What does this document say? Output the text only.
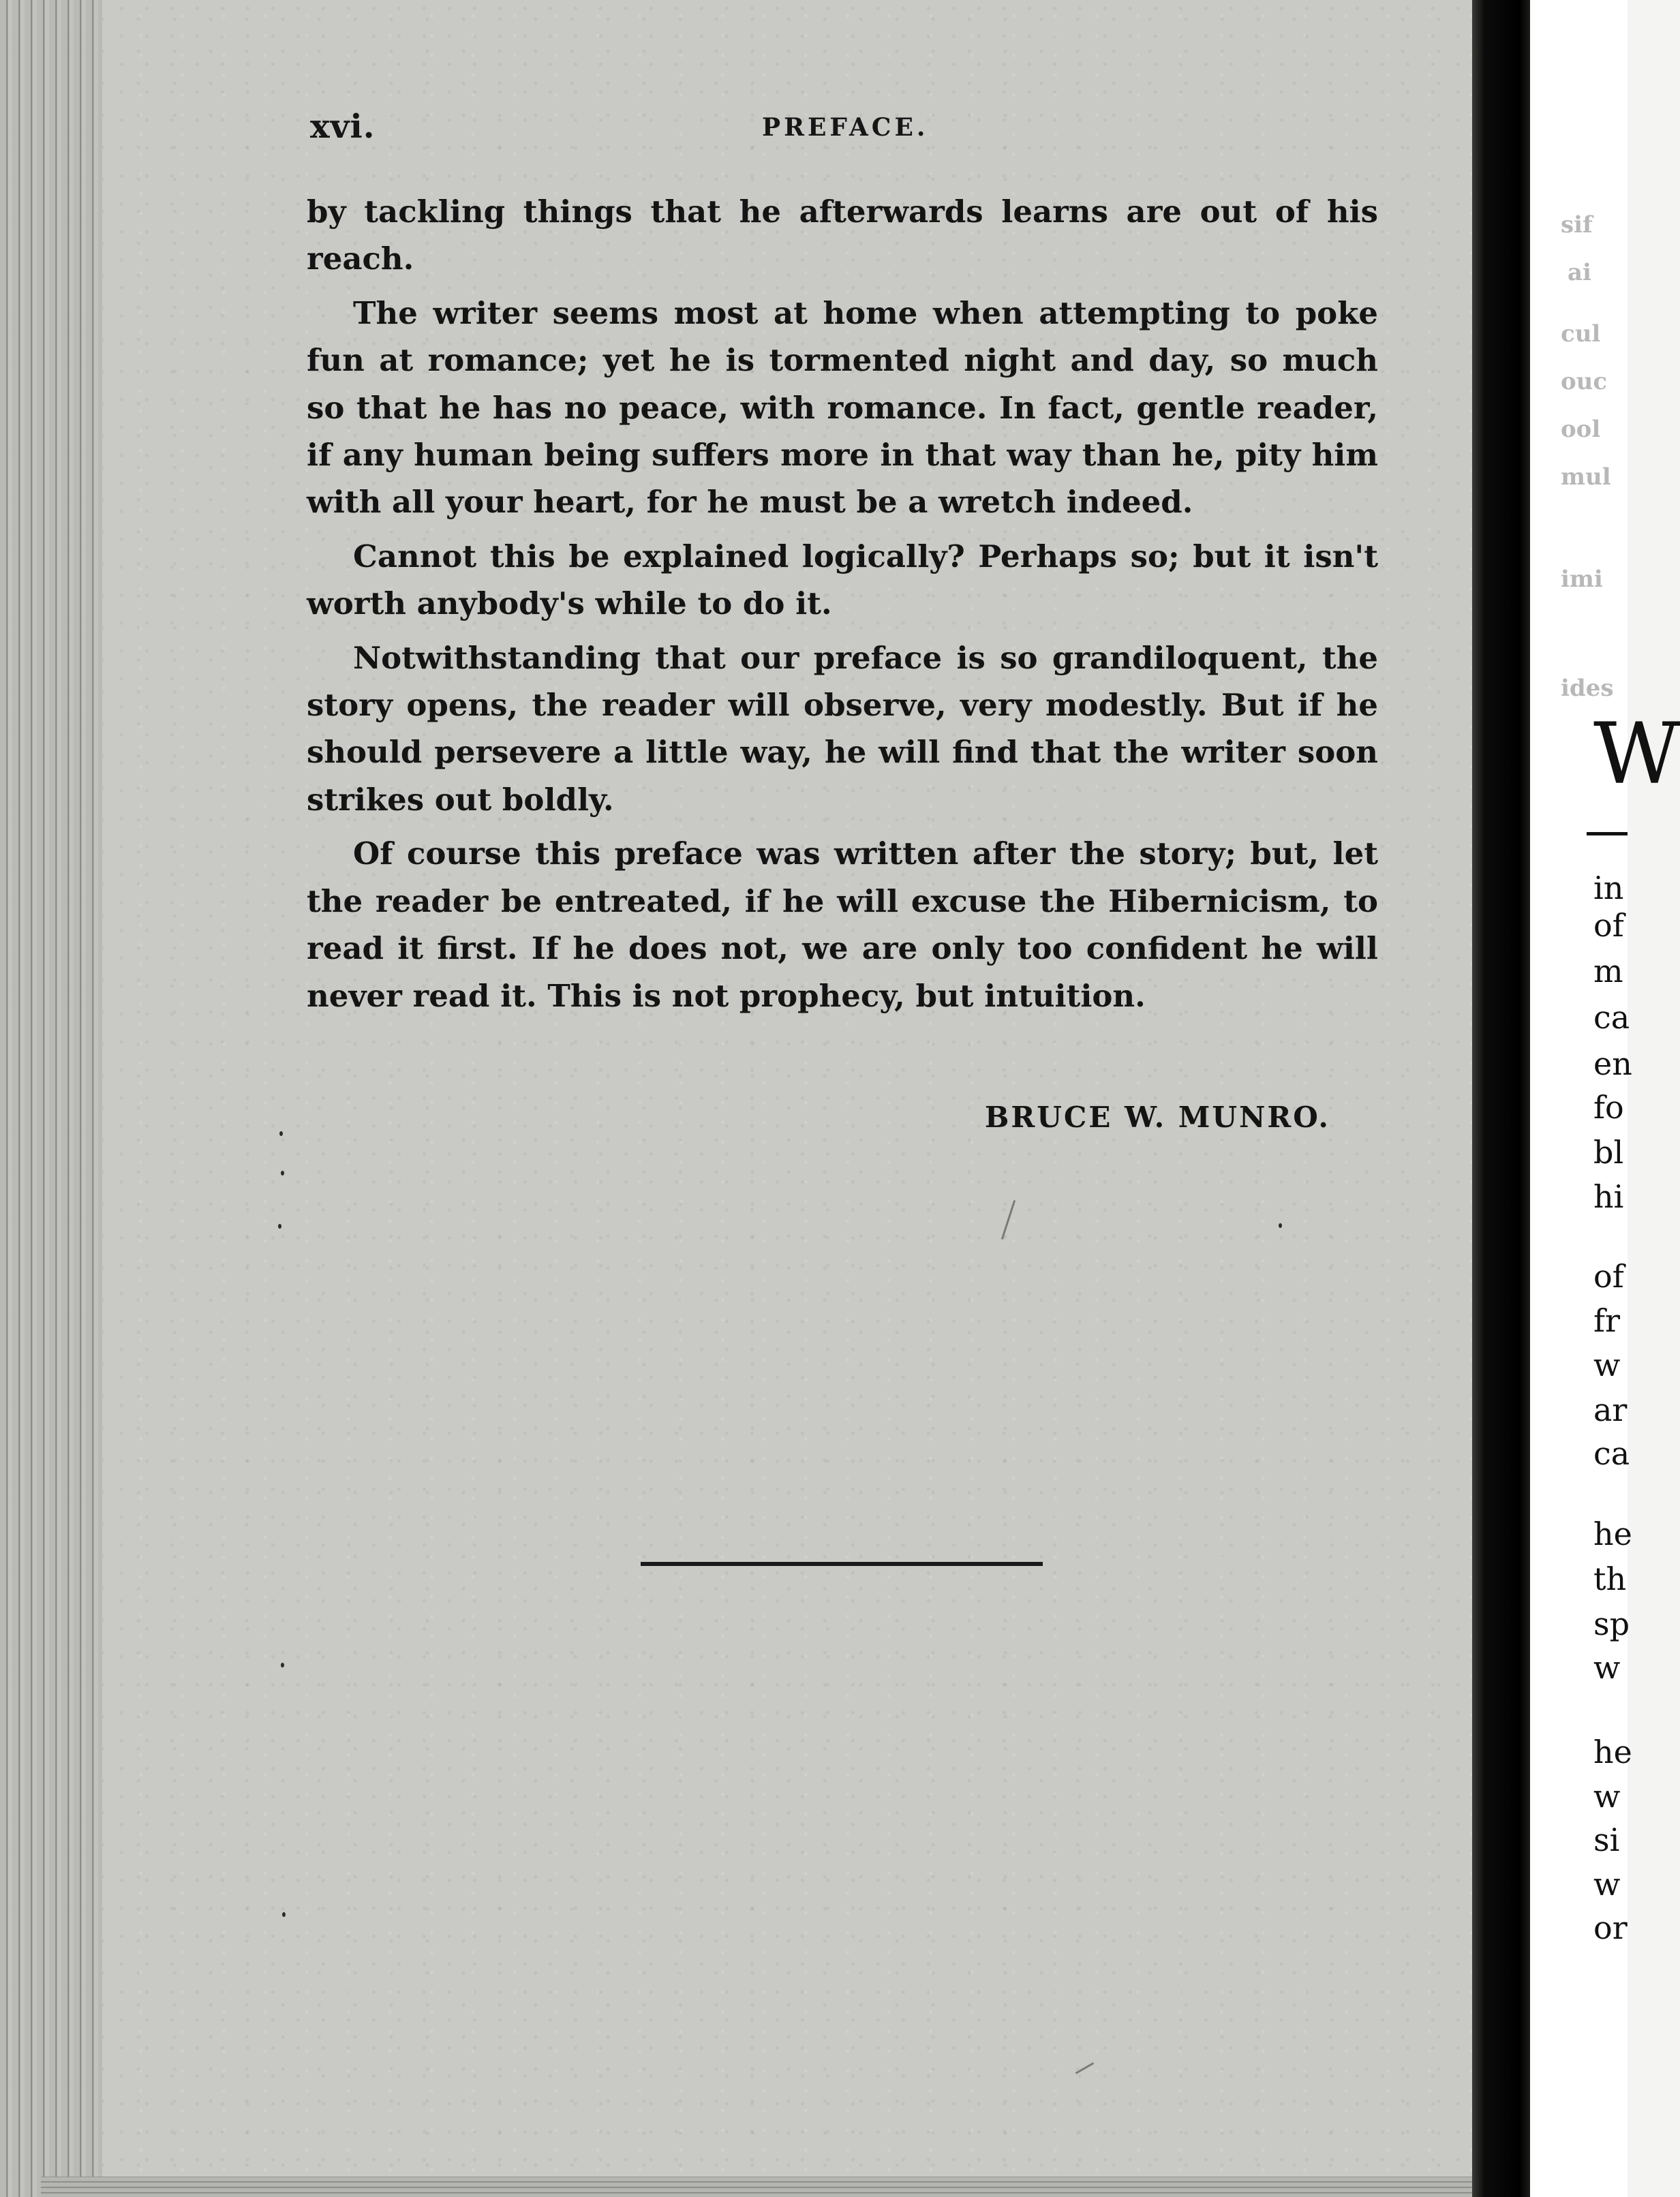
xvi.	PREFACE.

by tackling things that he afterwards learns are out of his reach.

The writer seems most at home when attempting to poke fun at romance; yet he is tormented night and day, so much so that he has no peace, with romance. In fact, gentle reader, if any human being suffers more in that way than he, pity him with all your heart, for he must be a wretch indeed.

Cannot this be explained logically? Perhaps so; but it isn't worth anybody's while to do it.

Notwithstanding that our preface is so grandiloquent, the story opens, the reader will observe, very modestly. But if he should persevere a little way, he will find that the writer soon strikes out boldly.

Of course this preface was written after the story; but, let the reader be entreated, if he will excuse the Hibernicism, to read it first. If he does not, we are only too confident he will never read it. This is not prophecy, but intuition.

BRUCE W. MUNRO.
sif
ai
cul
ouc
ool
mul
imi
ides
W
in
of
m
ca
en
fo
bl
hi
of
fr
w
ar
ca
he
th
sp
w
he
w
si
w
or
